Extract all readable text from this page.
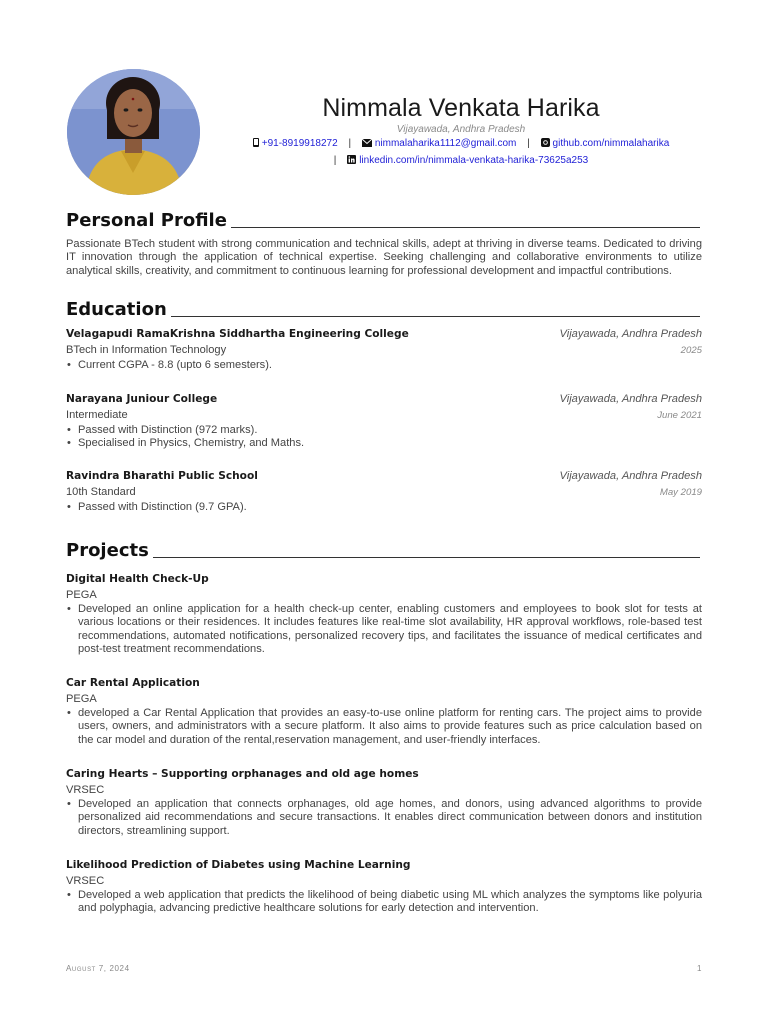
Nimmala Venkata Harika
Vijayawada, Andhra Pradesh
+91-8919918272 | nimmalaharika1112@gmail.com | github.com/nimmalaharika
| linkedin.com/in/nimmala-venkata-harika-73625a253
Personal Profile
Passionate BTech student with strong communication and technical skills, adept at thriving in diverse teams. Dedicated to driving IT innovation through the application of technical expertise. Seeking challenging and collaborative environments to utilize analytical skills, creativity, and commitment to continuous learning for professional development and impactful contributions.
Education
Velagapudi RamaKrishna Siddhartha Engineering College	Vijayawada, Andhra Pradesh
BTech in Information Technology	2025
• Current CGPA - 8.8 (upto 6 semesters).
Narayana Juniour College	Vijayawada, Andhra Pradesh
Intermediate	June 2021
• Passed with Distinction (972 marks).
• Specialised in Physics, Chemistry, and Maths.
Ravindra Bharathi Public School	Vijayawada, Andhra Pradesh
10th Standard	May 2019
• Passed with Distinction (9.7 GPA).
Projects
Digital Health Check-Up
PEGA
• Developed an online application for a health check-up center, enabling customers and employees to book slot for tests at various locations or their residences. It includes features like real-time slot availability, HR approval workflows, role-based test recommendations, automated notifications, personalized recovery tips, and facilitates the issuance of medical certificates and post-test treatment recommendations.
Car Rental Application
PEGA
• developed a Car Rental Application that provides an easy-to-use online platform for renting cars. The project aims to provide users, owners, and administrators with a secure platform. It also aims to provide features such as price calculation based on the car model and duration of the rental,reservation management, and user-friendly interfaces.
Caring Hearts – Supporting orphanages and old age homes
VRSEC
• Developed an application that connects orphanages, old age homes, and donors, using advanced algorithms to provide personalized aid recommendations and secure transactions. It enables direct communication between donors and institution directors, streamlining support.
Likelihood Prediction of Diabetes using Machine Learning
VRSEC
• Developed a web application that predicts the likelihood of being diabetic using ML which analyzes the symptoms like polyuria and polyphagia, advancing predictive healthcare solutions for early detection and intervention.
August 7, 2024	1
